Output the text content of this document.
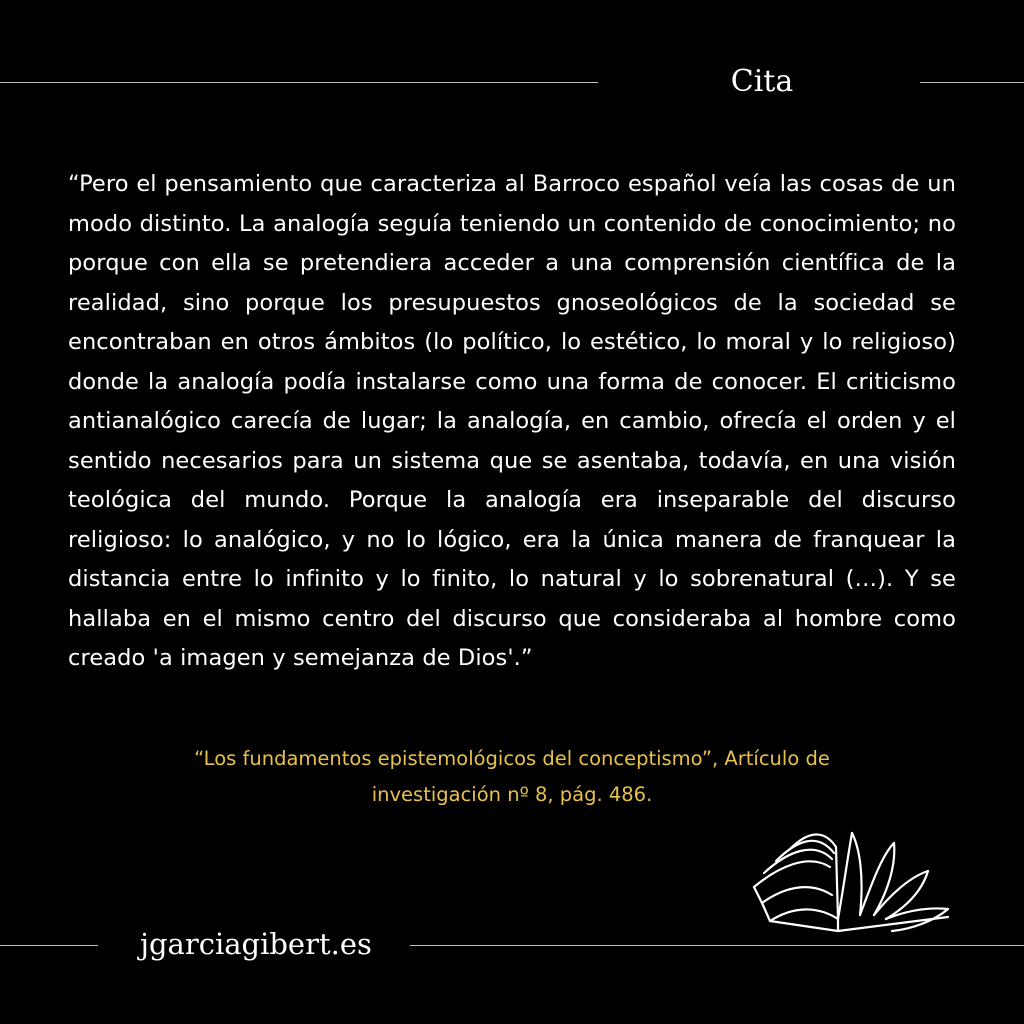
Cita

“Pero el pensamiento que caracteriza al Barroco español veía las cosas de un modo distinto. La analogía seguía teniendo un contenido de conocimiento; no porque con ella se pretendiera acceder a una comprensión científica de la realidad, sino porque los presupuestos gnoseológicos de la sociedad se encontraban en otros ámbitos (lo político, lo estético, lo moral y lo religioso) donde la analogía podía instalarse como una forma de conocer. El criticismo antianalógico carecía de lugar; la analogía, en cambio, ofrecía el orden y el sentido necesarios para un sistema que se asentaba, todavía, en una visión teológica del mundo. Porque la analogía era inseparable del discurso religioso: lo analógico, y no lo lógico, era la única manera de franquear la distancia entre lo infinito y lo finito, lo natural y lo sobrenatural (…). Y se hallaba en el mismo centro del discurso que consideraba al hombre como creado 'a imagen y semejanza de Dios'.”

“Los fundamentos epistemológicos del conceptismo”, Artículo de
investigación nº 8, pág. 486.

jgarciagibert.es
